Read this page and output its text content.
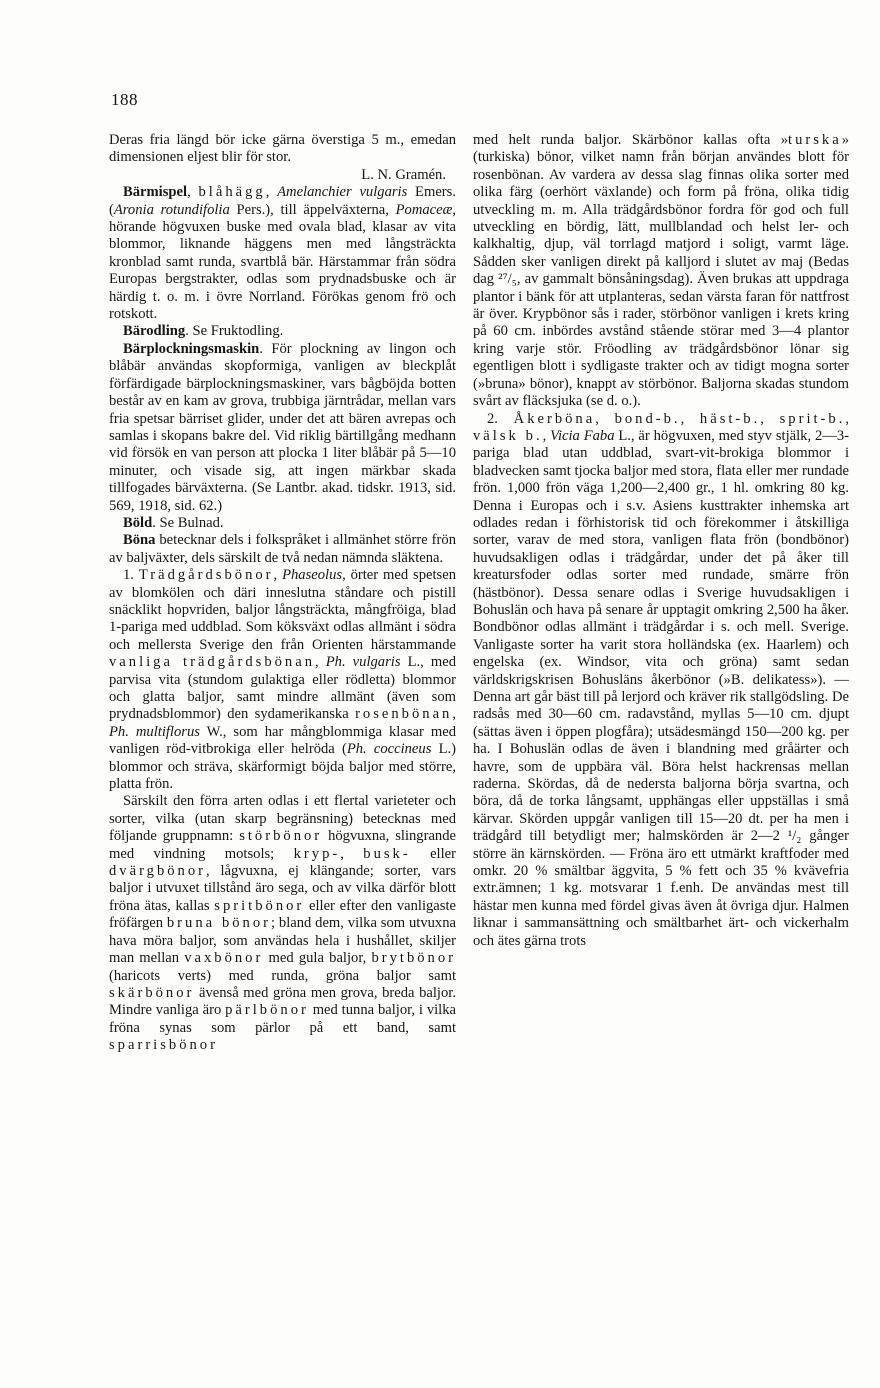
188

Deras fria längd bör icke gärna överstiga 5 m., emedan dimensionen eljest blir för stor.

L. N. Gramén.

Bärmispel, blåhägg, Amelanchier vulgaris Emers. (Aronia rotundifolia Pers.), till äppelväxterna, Pomaceæ, hörande högvuxen buske med ovala blad, klasar av vita blommor, liknande häggens men med långsträckta kronblad samt runda, svartblå bär. Härstammar från södra Europas bergstrakter, odlas som prydnadsbuske och är härdig t. o. m. i övre Norrland. Förökas genom frö och rotskott.

Bärodling. Se Fruktodling.

Bärplockningsmaskin. För plockning av lingon och blåbär användas skopformiga, vanligen av bleckplåt förfärdigade bärplockningsmaskiner, vars bågböjda botten består av en kam av grova, trubbiga järntrådar, mellan vars fria spetsar bärriset glider, under det att bären avrepas och samlas i skopans bakre del. Vid riklig bärtillgång medhann vid försök en van person att plocka 1 liter blåbär på 5—10 minuter, och visade sig, att ingen märkbar skada tillfogades bärväxterna. (Se Lantbr. akad. tidskr. 1913, sid. 569, 1918, sid. 62.)

Böld. Se Bulnad.

Böna betecknar dels i folkspråket i allmänhet större frön av baljväxter, dels särskilt de två nedan nämnda släktena.

1. Trädgårdsbönor, Phaseolus, örter med spetsen av blomkölen och däri inneslutna ståndare och pistill snäcklikt hopvriden, baljor långsträckta, mångfröiga, blad 1-pariga med uddblad. Som köksväxt odlas allmänt i södra och mellersta Sverige den från Orienten härstammande vanliga trädgårdsbönan, Ph. vulgaris L., med parvisa vita (stundom gulaktiga eller rödletta) blommor och glatta baljor, samt mindre allmänt (även som prydnadsblommor) den sydamerikanska rosenbönan, Ph. multiflorus W., som har mångblommiga klasar med vanligen röd-vitbrokiga eller helröda (Ph. coccineus L.) blommor och sträva, skärformigt böjda baljor med större, platta frön.

Särskilt den förra arten odlas i ett flertal varieteter och sorter, vilka (utan skarp begränsning) betecknas med följande gruppnamn: störbönor högvuxna, slingrande med vindning motsols; kryp-, busk- eller dvärgbönor, lågvuxna, ej klängande; sorter, vars baljor i utvuxet tillstånd äro sega, och av vilka därför blott fröna ätas, kallas spritbönor eller efter den vanligaste fröfärgen bruna bönor; bland dem, vilka som utvuxna hava möra baljor, som användas hela i hushållet, skiljer man mellan vaxbönor med gula baljor, brytbönor (haricots verts) med runda, gröna baljor samt skärbönor ävenså med gröna men grova, breda baljor. Mindre vanliga äro pärlbönor med tunna baljor, i vilka fröna synas som pärlor på ett band, samt sparrisbönor

med helt runda baljor. Skärbönor kallas ofta »turska» (turkiska) bönor, vilket namn från början användes blott för rosenbönan. Av vardera av dessa slag finnas olika sorter med olika färg (oerhört växlande) och form på fröna, olika tidig utveckling m. m. Alla trädgårdsbönor fordra för god och full utveckling en bördig, lätt, mullblandad och helst ler- och kalkhaltig, djup, väl torrlagd matjord i soligt, varmt läge. Sådden sker vanligen direkt på kalljord i slutet av maj (Bedas dag ²⁷/₅, av gammalt bönsåningsdag). Även brukas att uppdraga plantor i bänk för att utplanteras, sedan värsta faran för nattfrost är över. Krypbönor sås i rader, störbönor vanligen i krets kring på 60 cm. inbördes avstånd stående störar med 3—4 plantor kring varje stör. Fröodling av trädgårdsbönor lönar sig egentligen blott i sydligaste trakter och av tidigt mogna sorter (»bruna» bönor), knappt av störbönor. Baljorna skadas stundom svårt av fläcksjuka (se d. o.).

2. Åkerböna, bond-b., häst-b., sprit-b., välsk b., Vicia Faba L., är högvuxen, med styv stjälk, 2—3-pariga blad utan uddblad, svart-vit-brokiga blommor i bladvecken samt tjocka baljor med stora, flata eller mer rundade frön. 1,000 frön väga 1,200—2,400 gr., 1 hl. omkring 80 kg. Denna i Europas och i s.v. Asiens kusttrakter inhemska art odlades redan i förhistorisk tid och förekommer i åtskilliga sorter, varav de med stora, vanligen flata frön (bondbönor) huvudsakligen odlas i trädgårdar, under det på åker till kreatursfoder odlas sorter med rundade, smärre frön (hästbönor). Dessa senare odlas i Sverige huvudsakligen i Bohuslän och hava på senare år upptagit omkring 2,500 ha åker. Bondbönor odlas allmänt i trädgårdar i s. och mell. Sverige. Vanligaste sorter ha varit stora holländska (ex. Haarlem) och engelska (ex. Windsor, vita och gröna) samt sedan världskrigskrisen Bohusläns åkerbönor (»B. delikatess»). — Denna art går bäst till på lerjord och kräver rik stallgödsling. De radsås med 30—60 cm. radavstånd, myllas 5—10 cm. djupt (sättas även i öppen plogfåra); utsädesmängd 150—200 kg. per ha. I Bohuslän odlas de även i blandning med gråärter och havre, som de uppbära väl. Böra helst hackrensas mellan raderna. Skördas, då de nedersta baljorna börja svartna, och böra, då de torka långsamt, upphängas eller uppställas i små kärvar. Skörden uppgår vanligen till 15—20 dt. per ha men i trädgård till betydligt mer; halmskörden är 2—2 ¹/₂ gånger större än kärnskörden. — Fröna äro ett utmärkt kraftfoder med omkr. 20 % smältbar äggvita, 5 % fett och 35 % kvävefria extr.ämnen; 1 kg. motsvarar 1 f.enh. De användas mest till hästar men kunna med fördel givas även åt övriga djur. Halmen liknar i sammansättning och smältbarhet ärt- och vickerhalm och ätes gärna trots
